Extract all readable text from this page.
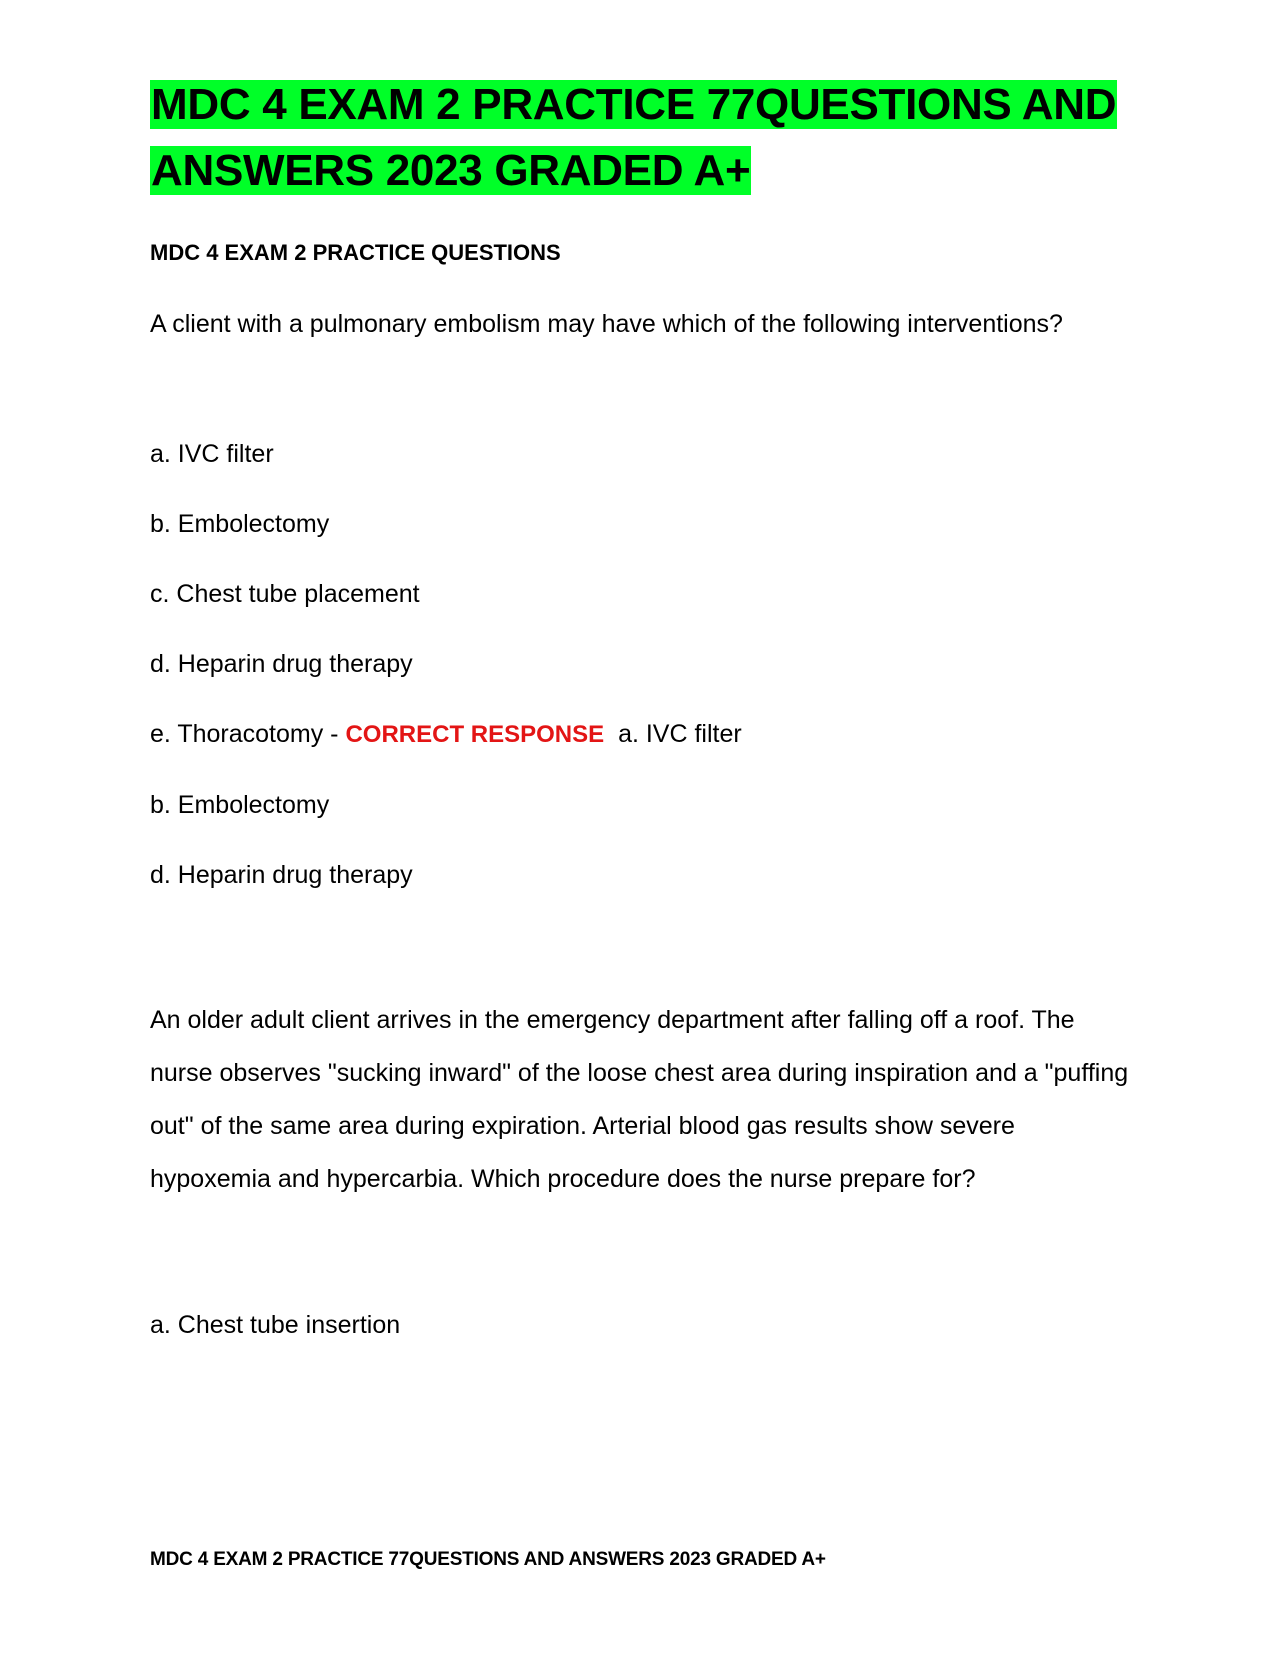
MDC 4 EXAM 2 PRACTICE 77QUESTIONS AND ANSWERS 2023 GRADED A+

MDC 4 EXAM 2 PRACTICE QUESTIONS

A client with a pulmonary embolism may have which of the following interventions?

a. IVC filter

b. Embolectomy

c. Chest tube placement

d. Heparin drug therapy

e. Thoracotomy - CORRECT RESPONSE a. IVC filter

b. Embolectomy

d. Heparin drug therapy

An older adult client arrives in the emergency department after falling off a roof. The nurse observes "sucking inward" of the loose chest area during inspiration and a "puffing out" of the same area during expiration. Arterial blood gas results show severe hypoxemia and hypercarbia. Which procedure does the nurse prepare for?

a. Chest tube insertion

MDC 4 EXAM 2 PRACTICE 77QUESTIONS AND ANSWERS 2023 GRADED A+
